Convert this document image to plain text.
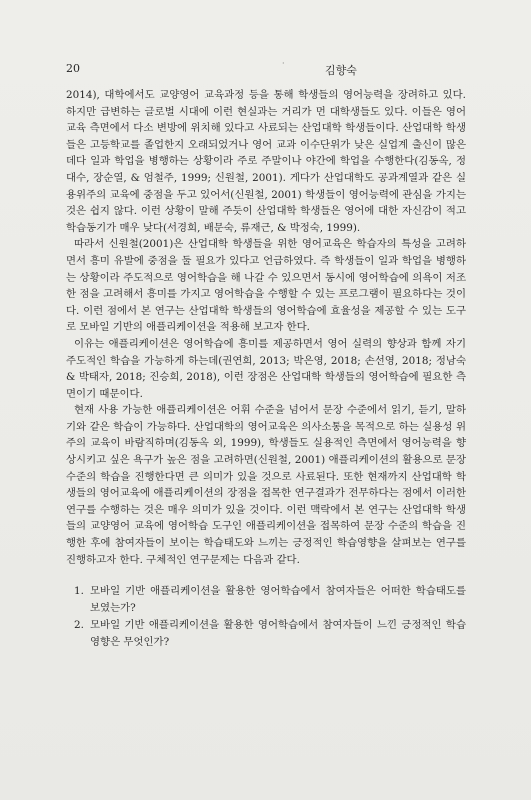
20	·
김향숙

2014), 대학에서도 교양영어 교육과정 등을 통해 학생들의 영어능력을 장려하고 있다. 하지만 급변하는 글로벌 시대에 이런 현실과는 거리가 먼 대학생들도 있다. 이들은 영어교육 측면에서 다소 변방에 위치해 있다고 사료되는 산업대학 학생들이다. 산업대학 학생들은 고등학교를 졸업한지 오래되었거나 영어 교과 이수단위가 낮은 실업계 출신이 많은 데다 일과 학업을 병행하는 상황이라 주로 주말이나 야간에 학업을 수행한다(김동옥, 정대수, 장순열, & 엄철주, 1999; 신원철, 2001). 게다가 산업대학도 공과계열과 같은 실용위주의 교육에 중점을 두고 있어서(신원철, 2001) 학생들이 영어능력에 관심을 가지는 것은 쉽지 않다. 이런 상황이 말해 주듯이 산업대학 학생들은 영어에 대한 자신감이 적고 학습동기가 매우 낮다(서경희, 배문숙, 류재근, & 박정숙, 1999).

따라서 신원철(2001)은 산업대학 학생들을 위한 영어교육은 학습자의 특성을 고려하면서 흥미 유발에 중점을 둘 필요가 있다고 언급하였다. 즉 학생들이 일과 학업을 병행하는 상황이라 주도적으로 영어학습을 해 나갈 수 있으면서 동시에 영어학습에 의욕이 저조한 점을 고려해서 흥미를 가지고 영어학습을 수행할 수 있는 프로그램이 필요하다는 것이다. 이런 점에서 본 연구는 산업대학 학생들의 영어학습에 효율성을 제공할 수 있는 도구로 모바일 기반의 애플리케이션을 적용해 보고자 한다.

이유는 애플리케이션은 영어학습에 흥미를 제공하면서 영어 실력의 향상과 함께 자기 주도적인 학습을 가능하게 하는데(권연희, 2013; 박은영, 2018; 손선영, 2018; 정남숙 & 박태자, 2018; 진승희, 2018), 이런 장점은 산업대학 학생들의 영어학습에 필요한 측면이기 때문이다.

현재 사용 가능한 애플리케이션은 어휘 수준을 넘어서 문장 수준에서 읽기, 듣기, 말하기와 같은 학습이 가능하다. 산업대학의 영어교육은 의사소통을 목적으로 하는 실용성 위주의 교육이 바람직하며(김동옥 외, 1999), 학생들도 실용적인 측면에서 영어능력을 향상시키고 싶은 욕구가 높은 점을 고려하면(신원철, 2001) 애플리케이션의 활용으로 문장 수준의 학습을 진행한다면 큰 의미가 있을 것으로 사료된다. 또한 현재까지 산업대학 학생들의 영어교육에 애플리케이션의 장점을 접목한 연구결과가 전무하다는 점에서 이러한 연구를 수행하는 것은 매우 의미가 있을 것이다. 이런 맥락에서 본 연구는 산업대학 학생들의 교양영어 교육에 영어학습 도구인 애플리케이션을 접목하여 문장 수준의 학습을 진행한 후에 참여자들이 보이는 학습태도와 느끼는 긍정적인 학습영향을 살펴보는 연구를 진행하고자 한다. 구체적인 연구문제는 다음과 같다.

1. 모바일 기반 애플리케이션을 활용한 영어학습에서 참여자들은 어떠한 학습태도를 보였는가?
2. 모바일 기반 애플리케이션을 활용한 영어학습에서 참여자들이 느낀 긍정적인 학습영향은 무엇인가?
